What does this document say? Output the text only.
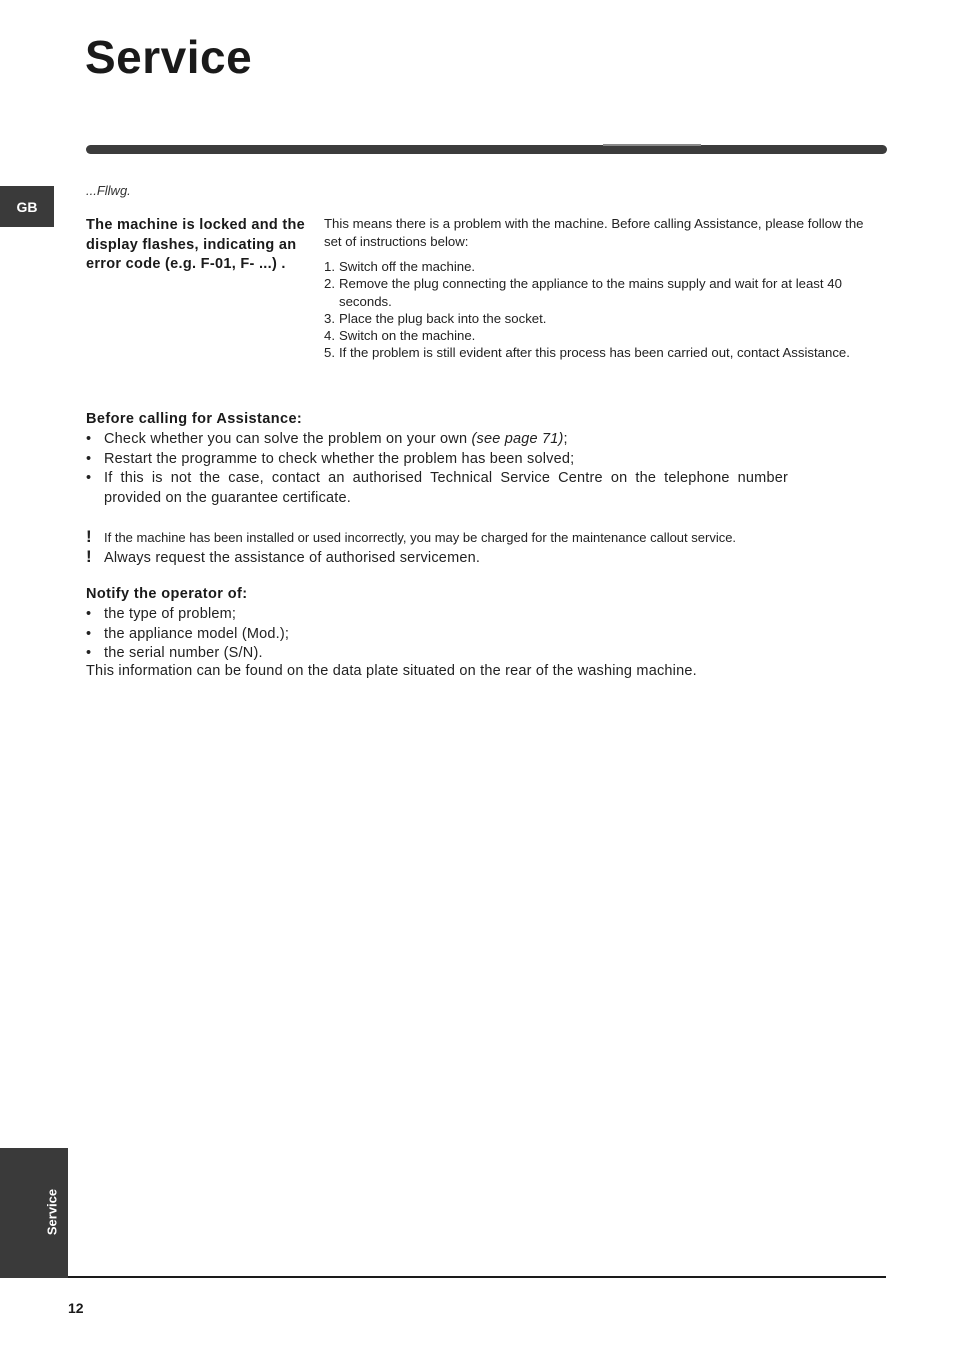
Service
GB
...Fllwg.
The machine is locked and the display flashes, indicating an error code (e.g. F-01, F- ...) .
This means there is a problem with the machine. Before calling Assistance, please follow the set of instructions below:
1. Switch off the machine.
2. Remove the plug connecting the appliance to the mains supply and wait for at least 40 seconds.
3. Place the plug back into the socket.
4. Switch on the machine.
5. If the problem is still evident after this process has been carried out, contact Assistance.
Before calling for Assistance:
• Check whether you can solve the problem on your own (see page 71);
• Restart the programme to check whether the problem has been solved;
• If this is not the case, contact an authorised Technical Service Centre on the telephone number provided on the guarantee certificate.
! If the machine has been installed or used incorrectly, you may be charged for the maintenance callout service.
! Always request the assistance of authorised servicemen.
Notify the operator of:
• the type of problem;
• the appliance model (Mod.);
• the serial number (S/N).
This information can be found on the data plate situated on the rear of the washing machine.
Service
12
